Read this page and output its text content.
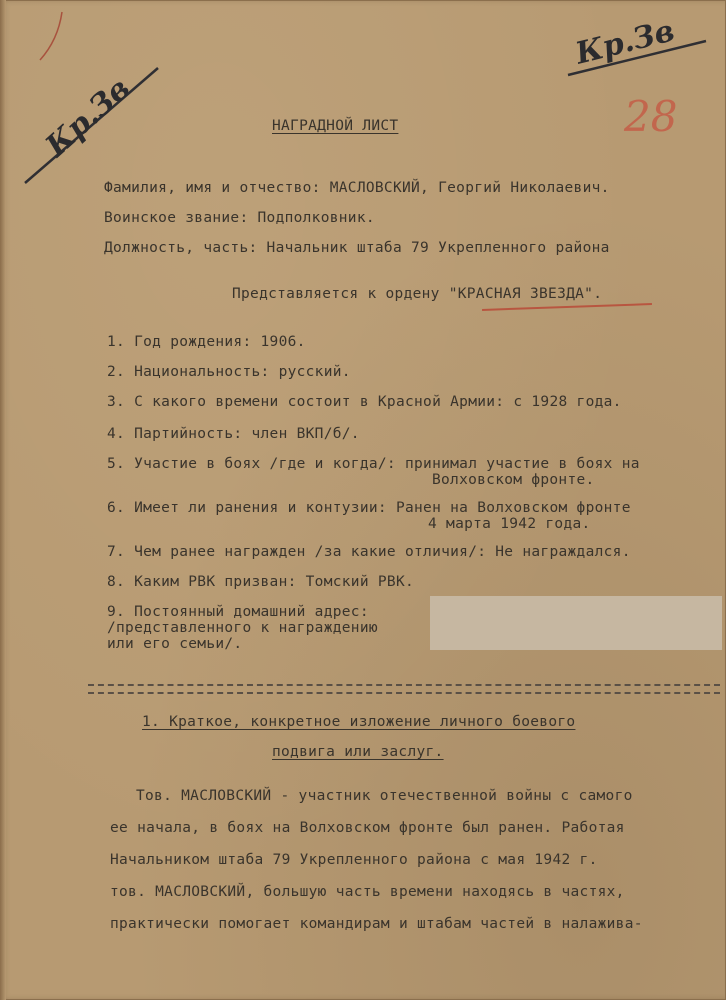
Кр.Зв
Кр.Зв
28
НАГРАДНОЙ ЛИСТ
Фамилия, имя и отчество: МАСЛОВСКИЙ, Георгий Николаевич.
Воинское звание: Подполковник.
Должность, часть: Начальник штаба 79 Укрепленного района
Представляется к ордену "КРАСНАЯ ЗВЕЗДА".
1. Год рождения: 1906.
2. Национальность: русский.
3. С какого времени состоит в Красной Армии: с 1928 года.
4. Партийность: член ВКП/б/.
5. Участие в боях /где и когда/: принимал участие в боях на
Волховском фронте.
6. Имеет ли ранения и контузии: Ранен на Волховском фронте
4 марта 1942 года.
7. Чем ранее награжден /за какие отличия/: Не награждался.
8. Каким РВК призван: Томский РВК.
9. Постоянный домашний адрес:
/представленного к награждению
или его семьи/.
1. Краткое, конкретное изложение личного боевого
подвига или заслуг.
Тов. МАСЛОВСКИЙ - участник отечественной войны с самого
ее начала, в боях на Волховском фронте был ранен. Работая
Начальником штаба 79 Укрепленного района с мая 1942 г.
тов. МАСЛОВСКИЙ, большую часть времени находясь в частях,
практически помогает командирам и штабам частей в налажива-
